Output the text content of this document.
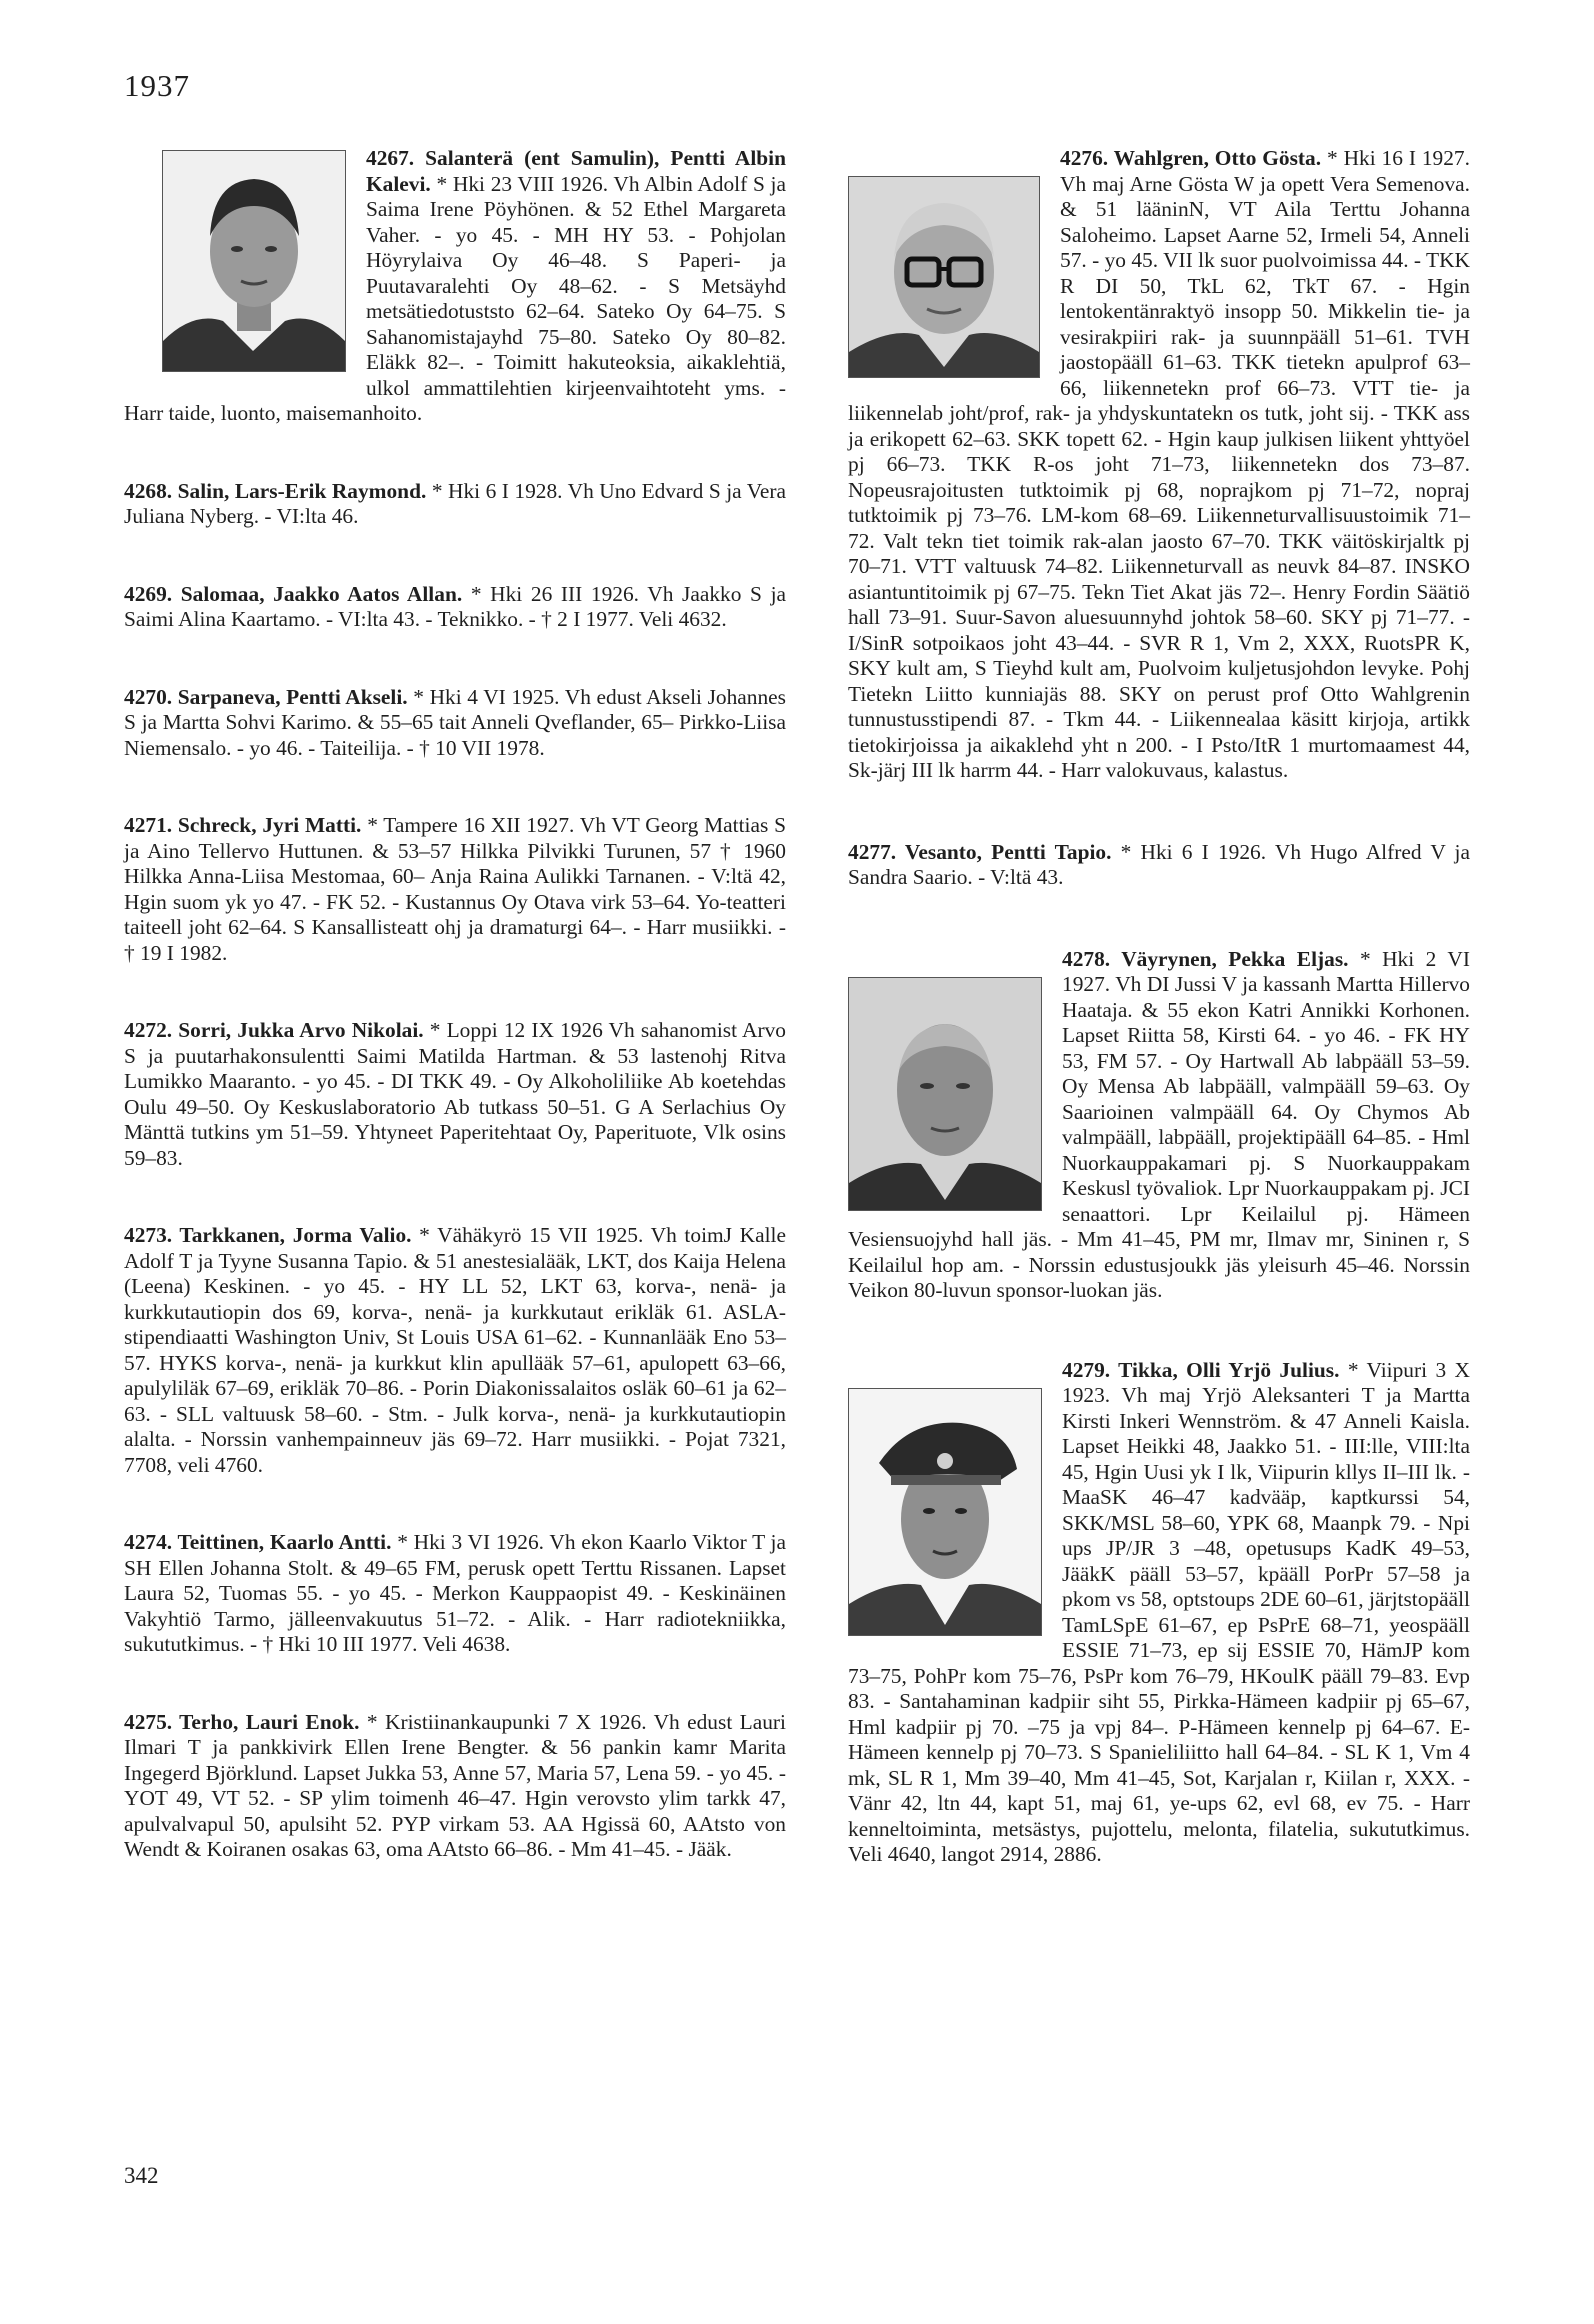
1937

4267. Salanterä (ent Samulin), Pentti Albin Kalevi. * Hki 23 VIII 1926. Vh Albin Adolf S ja Saima Irene Pöyhönen. & 52 Ethel Margareta Vaher. - yo 45. - MH HY 53. - Pohjolan Höyrylaiva Oy 46–48. S Paperi- ja Puutavaralehti Oy 48–62. - S Metsäyhd metsätiedotuststo 62–64. Sateko Oy 64–75. S Sahanomistajayhd 75–80. Sateko Oy 80–82. Eläkk 82–. - Toimitt hakuteoksia, aikaklehtiä, ulkol ammattilehtien kirjeenvaihtoteht yms. - Harr taide, luonto, maisemanhoito.

4268. Salin, Lars-Erik Raymond. * Hki 6 I 1928. Vh Uno Edvard S ja Vera Juliana Nyberg. - VI:lta 46.

4269. Salomaa, Jaakko Aatos Allan. * Hki 26 III 1926. Vh Jaakko S ja Saimi Alina Kaartamo. - VI:lta 43. - Teknikko. - † 2 I 1977. Veli 4632.

4270. Sarpaneva, Pentti Akseli. * Hki 4 VI 1925. Vh edust Akseli Johannes S ja Martta Sohvi Karimo. & 55–65 tait Anneli Qveflander, 65– Pirkko-Liisa Niemensalo. - yo 46. - Taiteilija. - † 10 VII 1978.

4271. Schreck, Jyri Matti. * Tampere 16 XII 1927. Vh VT Georg Mattias S ja Aino Tellervo Huttunen. & 53–57 Hilkka Pilvikki Turunen, 57 † 1960 Hilkka Anna-Liisa Mestomaa, 60– Anja Raina Aulikki Tarnanen. - V:ltä 42, Hgin suom yk yo 47. - FK 52. - Kustannus Oy Otava virk 53–64. Yo-teatteri taiteell joht 62–64. S Kansallisteatt ohj ja dramaturgi 64–. - Harr musiikki. - † 19 I 1982.

4272. Sorri, Jukka Arvo Nikolai. * Loppi 12 IX 1926 Vh sahanomist Arvo S ja puutarhakonsulentti Saimi Matilda Hartman. & 53 lastenohj Ritva Lumikko Maaranto. - yo 45. - DI TKK 49. - Oy Alkoholiliike Ab koetehdas Oulu 49–50. Oy Keskuslaboratorio Ab tutkass 50–51. G A Serlachius Oy Mänttä tutkins ym 51–59. Yhtyneet Paperitehtaat Oy, Paperituote, Vlk osins 59–83.

4273. Tarkkanen, Jorma Valio. * Vähäkyrö 15 VII 1925. Vh toimJ Kalle Adolf T ja Tyyne Susanna Tapio. & 51 anestesialääk, LKT, dos Kaija Helena (Leena) Keskinen. - yo 45. - HY LL 52, LKT 63, korva-, nenä- ja kurkkutautiopin dos 69, korva-, nenä- ja kurkkutaut erikläk 61. ASLA-stipendiaatti Washington Univ, St Louis USA 61–62. - Kunnanlääk Eno 53–57. HYKS korva-, nenä- ja kurkkut klin apullääk 57–61, apulopett 63–66, apulyliläk 67–69, erikläk 70–86. - Porin Diakonissalaitos osläk 60–61 ja 62–63. - SLL valtuusk 58–60. - Stm. - Julk korva-, nenä- ja kurkkutautiopin alalta. - Norssin vanhempainneuv jäs 69–72. Harr musiikki. - Pojat 7321, 7708, veli 4760.

4274. Teittinen, Kaarlo Antti. * Hki 3 VI 1926. Vh ekon Kaarlo Viktor T ja SH Ellen Johanna Stolt. & 49–65 FM, perusk opett Terttu Rissanen. Lapset Laura 52, Tuomas 55. - yo 45. - Merkon Kauppaopist 49. - Keskinäinen Vakyhtiö Tarmo, jälleenvakuutus 51–72. - Alik. - Harr radiotekniikka, sukututkimus. - † Hki 10 III 1977. Veli 4638.

4275. Terho, Lauri Enok. * Kristiinankaupunki 7 X 1926. Vh edust Lauri Ilmari T ja pankkivirk Ellen Irene Bengter. & 56 pankin kamr Marita Ingegerd Björklund. Lapset Jukka 53, Anne 57, Maria 57, Lena 59. - yo 45. - YOT 49, VT 52. - SP ylim toimenh 46–47. Hgin verovsto ylim tarkk 47, apulvalvapul 50, apulsiht 52. PYP virkam 53. AA Hgissä 60, AAtsto von Wendt & Koiranen osakas 63, oma AAtsto 66–86. - Mm 41–45. - Jääk.

4276. Wahlgren, Otto Gösta. * Hki 16 I 1927. Vh maj Arne Gösta W ja opett Vera Semenova. & 51 lääninN, VT Aila Terttu Johanna Saloheimo. Lapset Aarne 52, Irmeli 54, Anneli 57. - yo 45. VII lk suor puolvoimissa 44. - TKK R DI 50, TkL 62, TkT 67. - Hgin lentokentänraktyö insopp 50. Mikkelin tie- ja vesirakpiiri rak- ja suunnpääll 51–61. TVH jaostopääll 61–63. TKK tietekn apulprof 63–66, liikennetekn prof 66–73. VTT tie- ja liikennelab joht/prof, rak- ja yhdyskuntatekn os tutk, joht sij. - TKK ass ja erikopett 62–63. SKK topett 62. - Hgin kaup julkisen liikent yhttyöel pj 66–73. TKK R-os joht 71–73, liikennetekn dos 73–87. Nopeusrajoitusten tutktoimik pj 68, noprajkom pj 71–72, nopraj tutktoimik pj 73–76. LM-kom 68–69. Liikenneturvallisuustoimik 71–72. Valt tekn tiet toimik rak-alan jaosto 67–70. TKK väitöskirjaltk pj 70–71. VTT valtuusk 74–82. Liikenneturvall as neuvk 84–87. INSKO asiantuntitoimik pj 67–75. Tekn Tiet Akat jäs 72–. Henry Fordin Säätiö hall 73–91. Suur-Savon aluesuunnyhd johtok 58–60. SKY pj 71–77. - I/SinR sotpoikaos joht 43–44. - SVR R 1, Vm 2, XXX, RuotsPR K, SKY kult am, S Tieyhd kult am, Puolvoim kuljetusjohdon levyke. Pohj Tietekn Liitto kunniajäs 88. SKY on perust prof Otto Wahlgrenin tunnustusstipendi 87. - Tkm 44. - Liikennealaa käsitt kirjoja, artikk tietokirjoissa ja aikaklehd yht n 200. - I Psto/ItR 1 murtomaamest 44, Sk-järj III lk harrm 44. - Harr valokuvaus, kalastus.

4277. Vesanto, Pentti Tapio. * Hki 6 I 1926. Vh Hugo Alfred V ja Sandra Saario. - V:ltä 43.

4278. Väyrynen, Pekka Eljas. * Hki 2 VI 1927. Vh DI Jussi V ja kassanh Martta Hillervo Haataja. & 55 ekon Katri Annikki Korhonen. Lapset Riitta 58, Kirsti 64. - yo 46. - FK HY 53, FM 57. - Oy Hartwall Ab labpääll 53–59. Oy Mensa Ab labpääll, valmpääll 59–63. Oy Saarioinen valmpääll 64. Oy Chymos Ab valmpääll, labpääll, projektipääll 64–85. - Hml Nuorkauppakamari pj. S Nuorkauppakam Keskusl työvaliok. Lpr Nuorkauppakam pj. JCI senaattori. Lpr Keilailul pj. Hämeen Vesiensuojyhd hall jäs. - Mm 41–45, PM mr, Ilmav mr, Sininen r, S Keilailul hop am. - Norssin edustusjoukk jäs yleisurh 45–46. Norssin Veikon 80-luvun sponsor-luokan jäs.

4279. Tikka, Olli Yrjö Julius. * Viipuri 3 X 1923. Vh maj Yrjö Aleksanteri T ja Martta Kirsti Inkeri Wennström. & 47 Anneli Kaisla. Lapset Heikki 48, Jaakko 51. - III:lle, VIII:lta 45, Hgin Uusi yk I lk, Viipurin kllys II–III lk. - MaaSK 46–47 kadvääp, kaptkurssi 54, SKK/MSL 58–60, YPK 68, Maanpk 79. - Npi ups JP/JR 3 –48, opetusups KadK 49–53, JääkK pääll 53–57, kpääll PorPr 57–58 ja pkom vs 58, optstoups 2DE 60–61, järjtstopääll TamLSpE 61–67, ep PsPrE 68–71, yeospääll ESSIE 71–73, ep sij ESSIE 70, HämJP kom 73–75, PohPr kom 75–76, PsPr kom 76–79, HKoulK pääll 79–83. Evp 83. - Santahaminan kadpiir siht 55, Pirkka-Hämeen kadpiir pj 65–67, Hml kadpiir pj 70. –75 ja vpj 84–. P-Hämeen kennelp pj 64–67. E-Hämeen kennelp pj 70–73. S Spanieliliitto hall 64–84. - SL K 1, Vm 4 mk, SL R 1, Mm 39–40, Mm 41–45, Sot, Karjalan r, Kiilan r, XXX. - Vänr 42, ltn 44, kapt 51, maj 61, ye-ups 62, evl 68, ev 75. - Harr kenneltoiminta, metsästys, pujottelu, melonta, filatelia, sukututkimus. Veli 4640, langot 2914, 2886.

342
